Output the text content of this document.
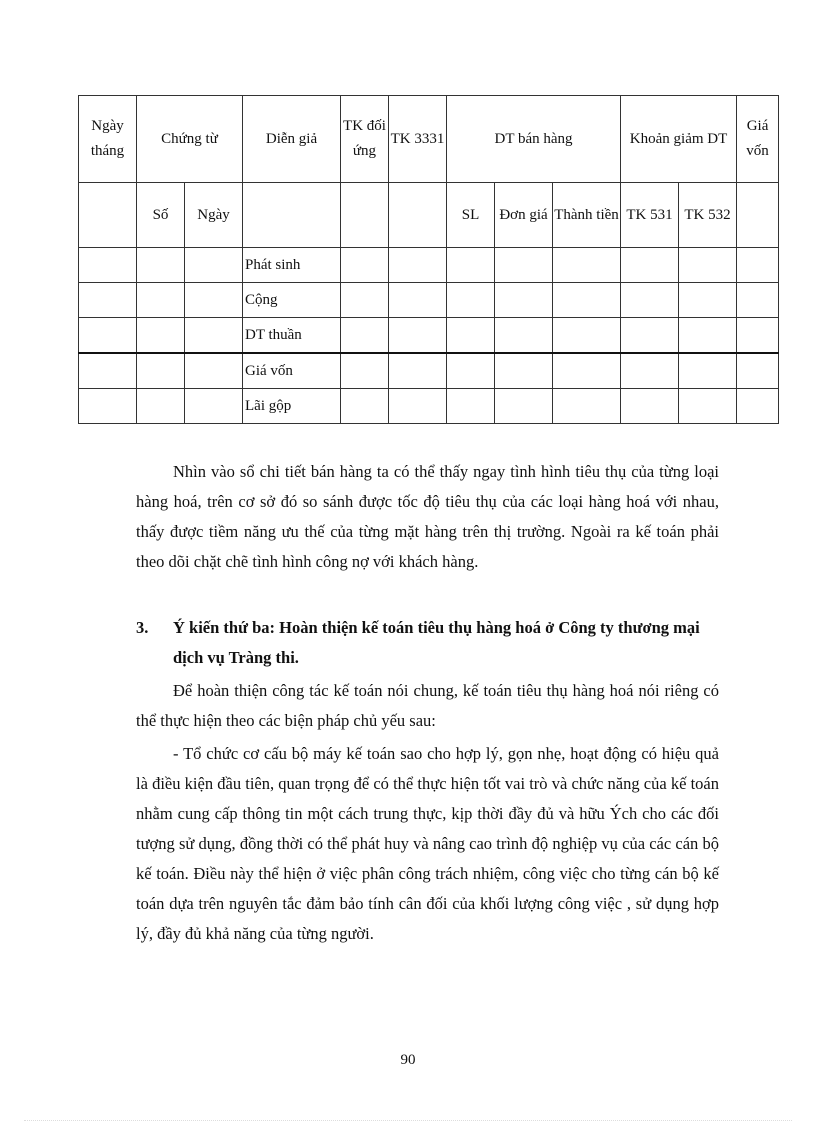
Ngày tháng	Chứng từ		Diễn giả	TK đối ứng	TK 3331	DT bán hàng			Khoản giảm DT		Giá vốn
	Số	Ngày				SL	Đơn giá	Thành tiền	TK 531	TK 532	
			Phát sinh								
			Cộng								
			DT thuần								
			Giá vốn								
			Lãi gộp								

Nhìn vào sổ chi tiết bán hàng ta có thể thấy ngay tình hình tiêu thụ của từng loại hàng hoá, trên cơ sở đó so sánh được tốc độ tiêu thụ của các loại hàng hoá với nhau, thấy được tiềm năng ưu thế của từng mặt hàng trên thị trường. Ngoài ra kế toán phải theo dõi chặt chẽ tình hình công nợ với khách hàng.

3. Ý kiến thứ ba: Hoàn thiện kế toán tiêu thụ hàng hoá ở Công ty thương mại dịch vụ Tràng thi.

Để hoàn thiện công tác kế toán nói chung, kế toán tiêu thụ hàng hoá nói riêng có thể thực hiện theo các biện pháp chủ yếu sau:

- Tổ chức cơ cấu bộ máy kế toán sao cho hợp lý, gọn nhẹ, hoạt động có hiệu quả là điều kiện đầu tiên, quan trọng để có thể thực hiện tốt vai trò và chức năng của kế toán nhằm cung cấp thông tin một cách trung thực, kịp thời đầy đủ và hữu Ých cho các đối tượng sử dụng, đồng thời có thể phát huy và nâng cao trình độ nghiệp vụ của các cán bộ kế toán. Điều này thể hiện ở việc phân công trách nhiệm, công việc cho từng cán bộ kế toán dựa trên nguyên tắc đảm bảo tính cân đối của khối lượng công việc , sử dụng hợp lý, đầy đủ khả năng của từng người.

90
